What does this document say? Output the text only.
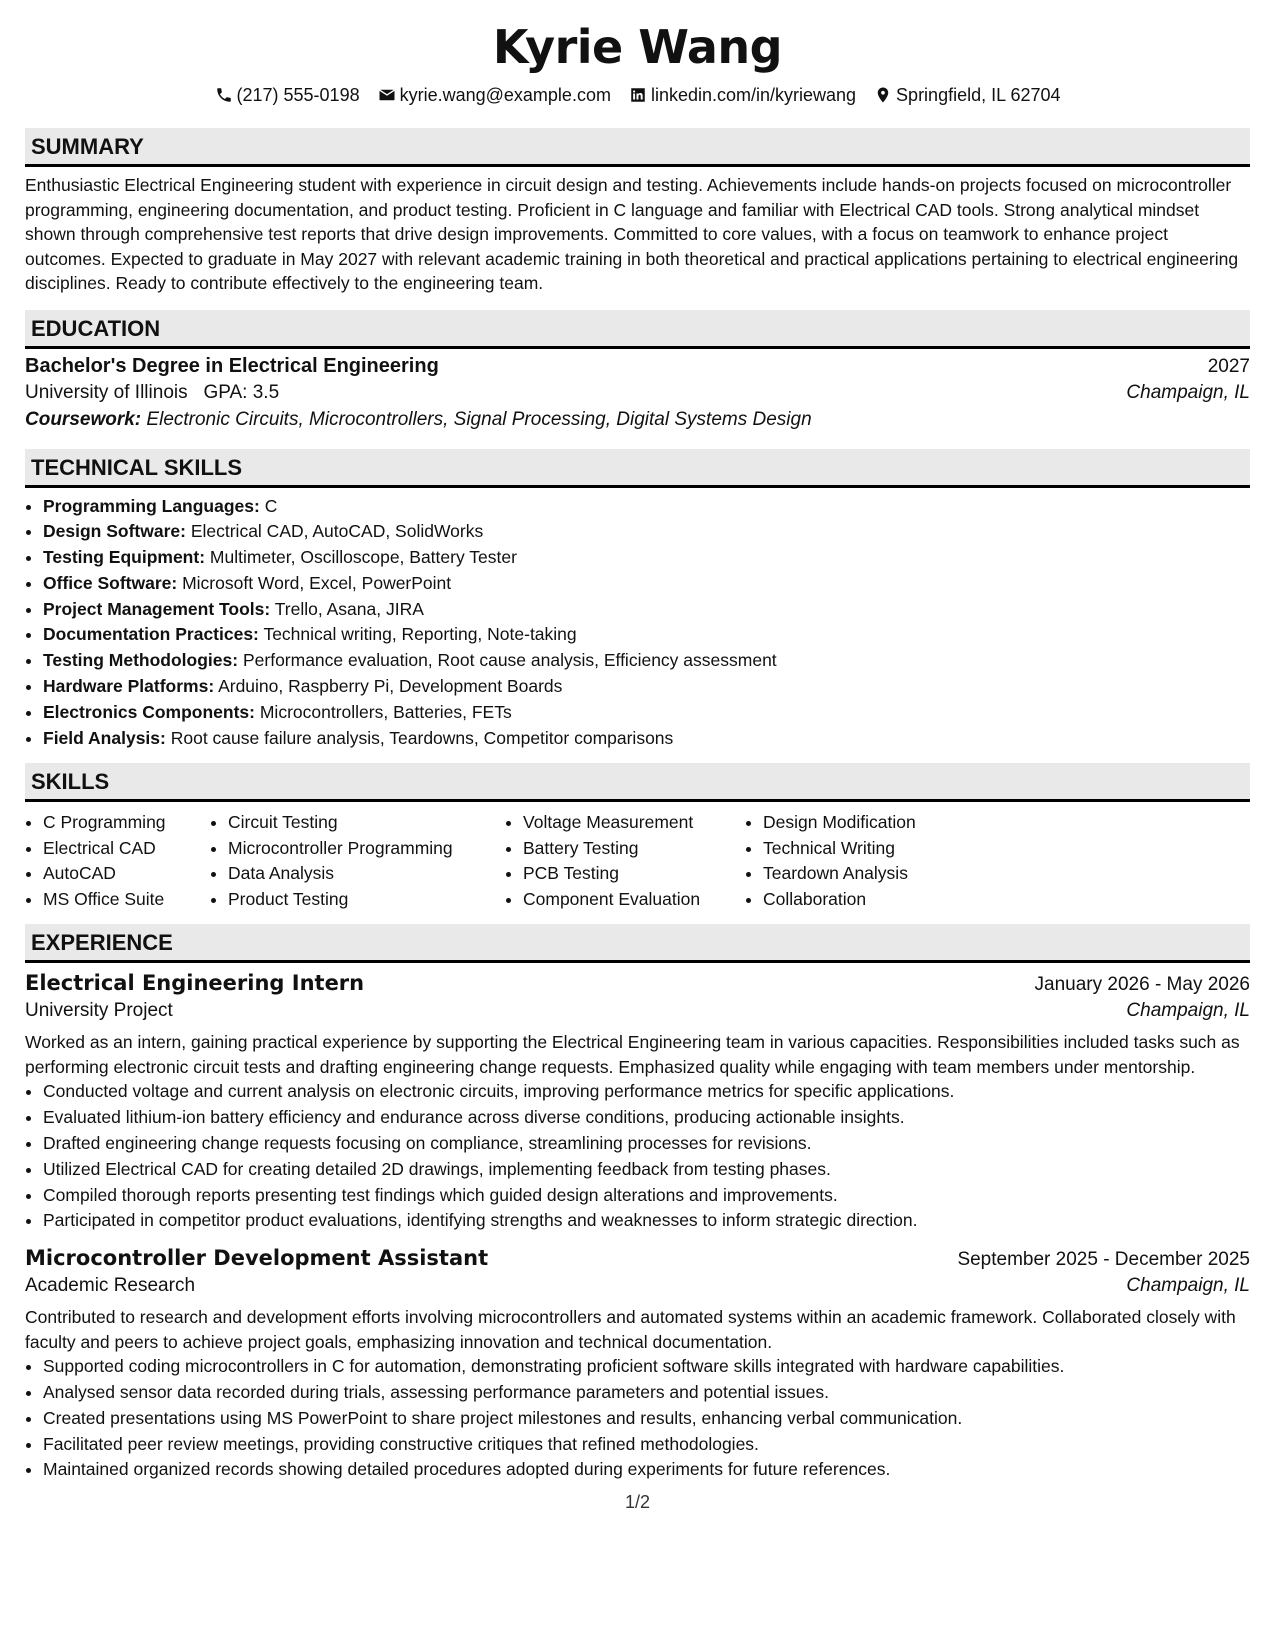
Kyrie Wang
(217) 555-0198 kyrie.wang@example.com linkedin.com/in/kyriewang Springfield, IL 62704
SUMMARY

Enthusiastic Electrical Engineering student with experience in circuit design and testing. Achievements include hands-on projects focused on microcontroller programming, engineering documentation, and product testing. Proficient in C language and familiar with Electrical CAD tools. Strong analytical mindset shown through comprehensive test reports that drive design improvements. Committed to core values, with a focus on teamwork to enhance project outcomes. Expected to graduate in May 2027 with relevant academic training in both theoretical and practical applications pertaining to electrical engineering disciplines. Ready to contribute effectively to the engineering team.

EDUCATION
Bachelor's Degree in Electrical Engineering	2027
University of Illinois GPA: 3.5	Champaign, IL
Coursework: Electronic Circuits, Microcontrollers, Signal Processing, Digital Systems Design
TECHNICAL SKILLS
• Programming Languages: C
• Design Software: Electrical CAD, AutoCAD, SolidWorks
• Testing Equipment: Multimeter, Oscilloscope, Battery Tester
• Office Software: Microsoft Word, Excel, PowerPoint
• Project Management Tools: Trello, Asana, JIRA
• Documentation Practices: Technical writing, Reporting, Note-taking
• Testing Methodologies: Performance evaluation, Root cause analysis, Efficiency assessment
• Hardware Platforms: Arduino, Raspberry Pi, Development Boards
• Electronics Components: Microcontrollers, Batteries, FETs
• Field Analysis: Root cause failure analysis, Teardowns, Competitor comparisons
SKILLS
• C Programming
• Electrical CAD
• AutoCAD
• MS Office Suite
• Circuit Testing
• Microcontroller Programming
• Data Analysis
• Product Testing
• Voltage Measurement
• Battery Testing
• PCB Testing
• Component Evaluation
• Design Modification
• Technical Writing
• Teardown Analysis
• Collaboration
EXPERIENCE
Electrical Engineering Intern	January 2026 - May 2026
University Project	Champaign, IL

Worked as an intern, gaining practical experience by supporting the Electrical Engineering team in various capacities. Responsibilities included tasks such as performing electronic circuit tests and drafting engineering change requests. Emphasized quality while engaging with team members under mentorship.

• Conducted voltage and current analysis on electronic circuits, improving performance metrics for specific applications.
• Evaluated lithium-ion battery efficiency and endurance across diverse conditions, producing actionable insights.
• Drafted engineering change requests focusing on compliance, streamlining processes for revisions.
• Utilized Electrical CAD for creating detailed 2D drawings, implementing feedback from testing phases.
• Compiled thorough reports presenting test findings which guided design alterations and improvements.
• Participated in competitor product evaluations, identifying strengths and weaknesses to inform strategic direction.
Microcontroller Development Assistant	September 2025 - December 2025
Academic Research	Champaign, IL

Contributed to research and development efforts involving microcontrollers and automated systems within an academic framework. Collaborated closely with faculty and peers to achieve project goals, emphasizing innovation and technical documentation.

• Supported coding microcontrollers in C for automation, demonstrating proficient software skills integrated with hardware capabilities.
• Analysed sensor data recorded during trials, assessing performance parameters and potential issues.
• Created presentations using MS PowerPoint to share project milestones and results, enhancing verbal communication.
• Facilitated peer review meetings, providing constructive critiques that refined methodologies.
• Maintained organized records showing detailed procedures adopted during experiments for future references.
1/2
